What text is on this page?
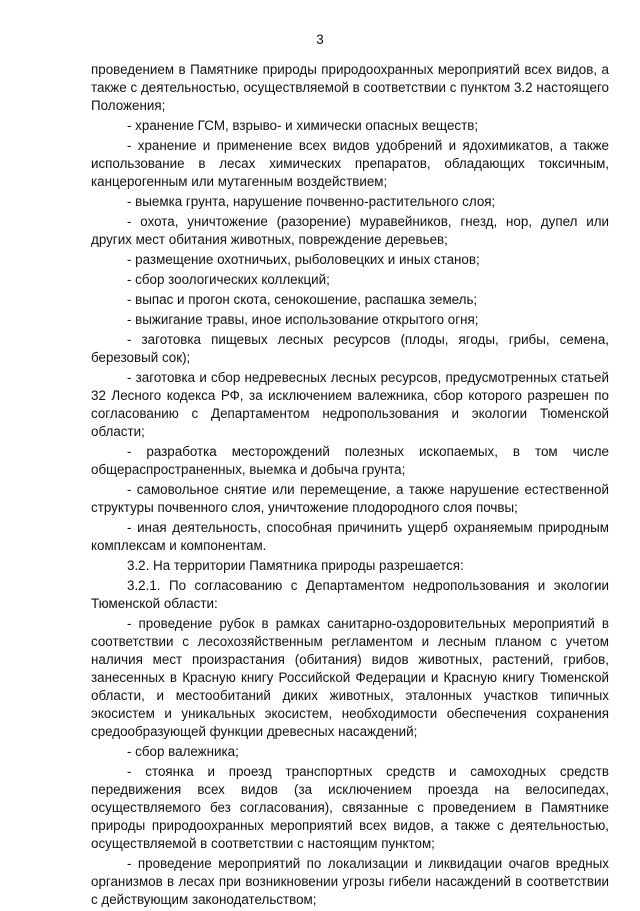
3

проведением в Памятнике природы природоохранных мероприятий всех видов, а также с деятельностью, осуществляемой в соответствии с пунктом 3.2 настоящего Положения;

- хранение ГСМ, взрыво- и химически опасных веществ;

- хранение и применение всех видов удобрений и ядохимикатов, а также использование в лесах химических препаратов, обладающих токсичным, канцерогенным или мутагенным воздействием;

- выемка грунта, нарушение почвенно-растительного слоя;

- охота, уничтожение (разорение) муравейников, гнезд, нор, дупел или других мест обитания животных, повреждение деревьев;

- размещение охотничьих, рыболовецких и иных станов;

- сбор зоологических коллекций;

- выпас и прогон скота, сенокошение, распашка земель;

- выжигание травы, иное использование открытого огня;

- заготовка пищевых лесных ресурсов (плоды, ягоды, грибы, семена, березовый сок);

- заготовка и сбор недревесных лесных ресурсов, предусмотренных статьей 32 Лесного кодекса РФ, за исключением валежника, сбор которого разрешен по согласованию с Департаментом недропользования и экологии Тюменской области;

- разработка месторождений полезных ископаемых, в том числе общераспространенных, выемка и добыча грунта;

- самовольное снятие или перемещение, а также нарушение естественной структуры почвенного слоя, уничтожение плодородного слоя почвы;

- иная деятельность, способная причинить ущерб охраняемым природным комплексам и компонентам.

3.2. На территории Памятника природы разрешается:

3.2.1. По согласованию с Департаментом недропользования и экологии Тюменской области:

- проведение рубок в рамках санитарно-оздоровительных мероприятий в соответствии с лесохозяйственным регламентом и лесным планом с учетом наличия мест произрастания (обитания) видов животных, растений, грибов, занесенных в Красную книгу Российской Федерации и Красную книгу Тюменской области, и местообитаний диких животных, эталонных участков типичных экосистем и уникальных экосистем, необходимости обеспечения сохранения средообразующей функции древесных насаждений;

- сбор валежника;

- стоянка и проезд транспортных средств и самоходных средств передвижения всех видов (за исключением проезда на велосипедах, осуществляемого без согласования), связанные с проведением в Памятнике природы природоохранных мероприятий всех видов, а также с деятельностью, осуществляемой в соответствии с настоящим пунктом;

- проведение мероприятий по локализации и ликвидации очагов вредных организмов в лесах при возникновении угрозы гибели насаждений в соответствии с действующим законодательством;
